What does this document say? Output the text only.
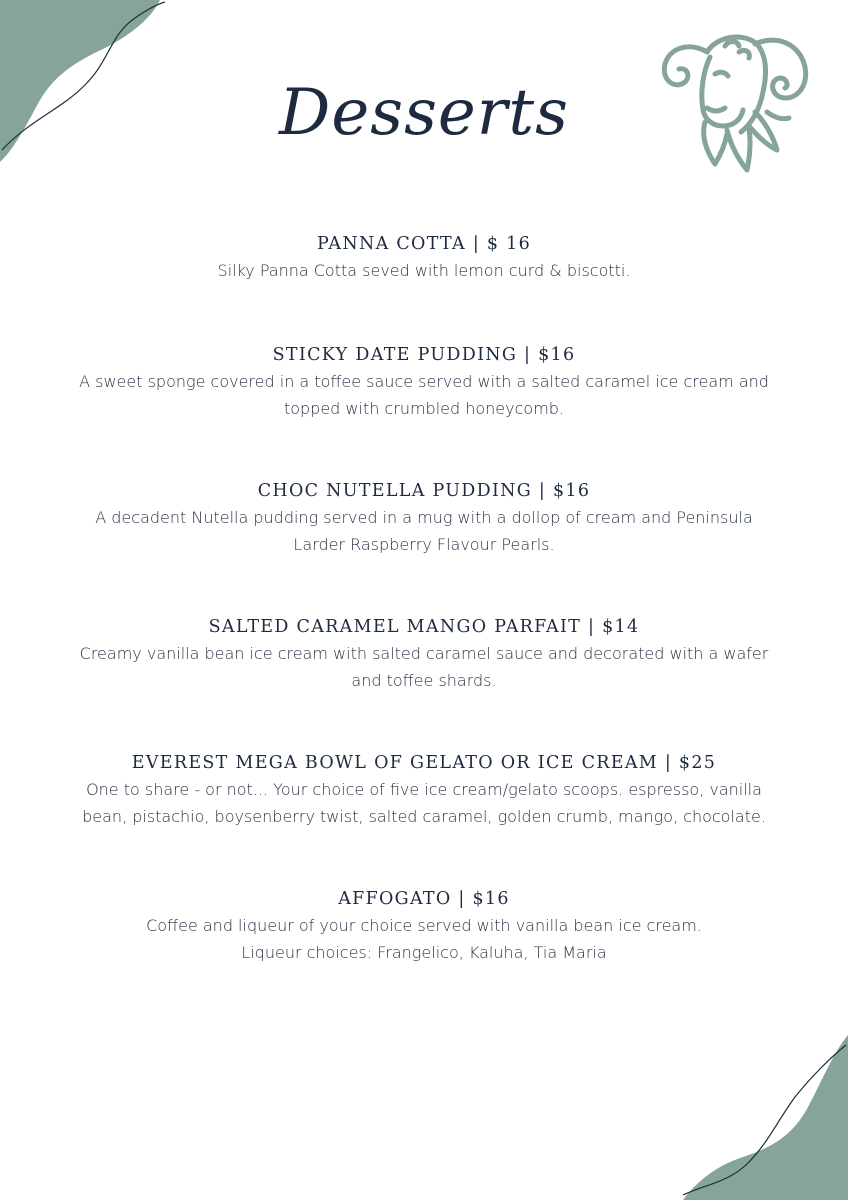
Desserts
PANNA COTTA | $ 16
Silky Panna Cotta seved with lemon curd & biscotti.
STICKY DATE PUDDING | $16
A sweet sponge covered in a toffee sauce served with a salted caramel ice cream and
topped with crumbled honeycomb.
CHOC NUTELLA PUDDING | $16
A decadent Nutella pudding served in a mug with a dollop of cream and Peninsula
Larder Raspberry Flavour Pearls.
SALTED CARAMEL MANGO PARFAIT | $14
Creamy vanilla bean ice cream with salted caramel sauce and decorated with a wafer
and toffee shards.
EVEREST MEGA BOWL OF GELATO OR ICE CREAM | $25
One to share - or not... Your choice of five ice cream/gelato scoops. espresso, vanilla
bean, pistachio, boysenberry twist, salted caramel, golden crumb, mango, chocolate.
AFFOGATO | $16
Coffee and liqueur of your choice served with vanilla bean ice cream.
Liqueur choices: Frangelico, Kaluha, Tia Maria
